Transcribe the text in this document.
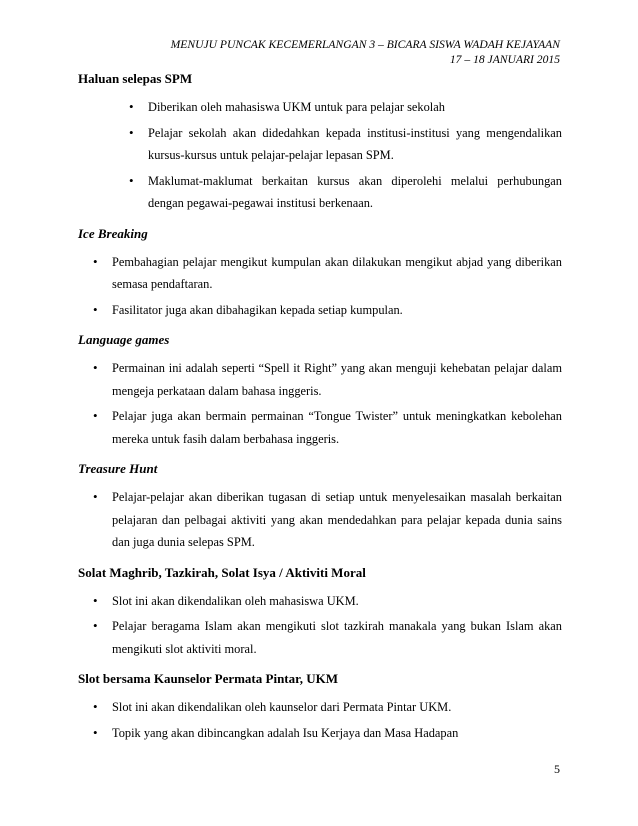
MENUJU PUNCAK KECEMERLANGAN 3 – BICARA SISWA WADAH KEJAYAAN
17 – 18 JANUARI 2015

Haluan selepas SPM

• Diberikan oleh mahasiswa UKM untuk para pelajar sekolah
• Pelajar sekolah akan didedahkan kepada institusi-institusi yang mengendalikan kursus-kursus untuk pelajar-pelajar lepasan SPM.
• Maklumat-maklumat berkaitan kursus akan diperolehi melalui perhubungan dengan pegawai-pegawai institusi berkenaan.

Ice Breaking

• Pembahagian pelajar mengikut kumpulan akan dilakukan mengikut abjad yang diberikan semasa pendaftaran.
• Fasilitator juga akan dibahagikan kepada setiap kumpulan.

Language games

• Permainan ini adalah seperti “Spell it Right” yang akan menguji kehebatan pelajar dalam mengeja perkataan dalam bahasa inggeris.
• Pelajar juga akan bermain permainan “Tongue Twister” untuk meningkatkan kebolehan mereka untuk fasih dalam berbahasa inggeris.

Treasure Hunt

• Pelajar-pelajar akan diberikan tugasan di setiap untuk menyelesaikan masalah berkaitan pelajaran dan pelbagai aktiviti yang akan mendedahkan para pelajar kepada dunia sains dan juga dunia selepas SPM.

Solat Maghrib, Tazkirah, Solat Isya / Aktiviti Moral

• Slot ini akan dikendalikan oleh mahasiswa UKM.
• Pelajar beragama Islam akan mengikuti slot tazkirah manakala yang bukan Islam akan mengikuti slot aktiviti moral.

Slot bersama Kaunselor Permata Pintar, UKM

• Slot ini akan dikendalikan oleh kaunselor dari Permata Pintar UKM.
• Topik yang akan dibincangkan adalah Isu Kerjaya dan Masa Hadapan
5
